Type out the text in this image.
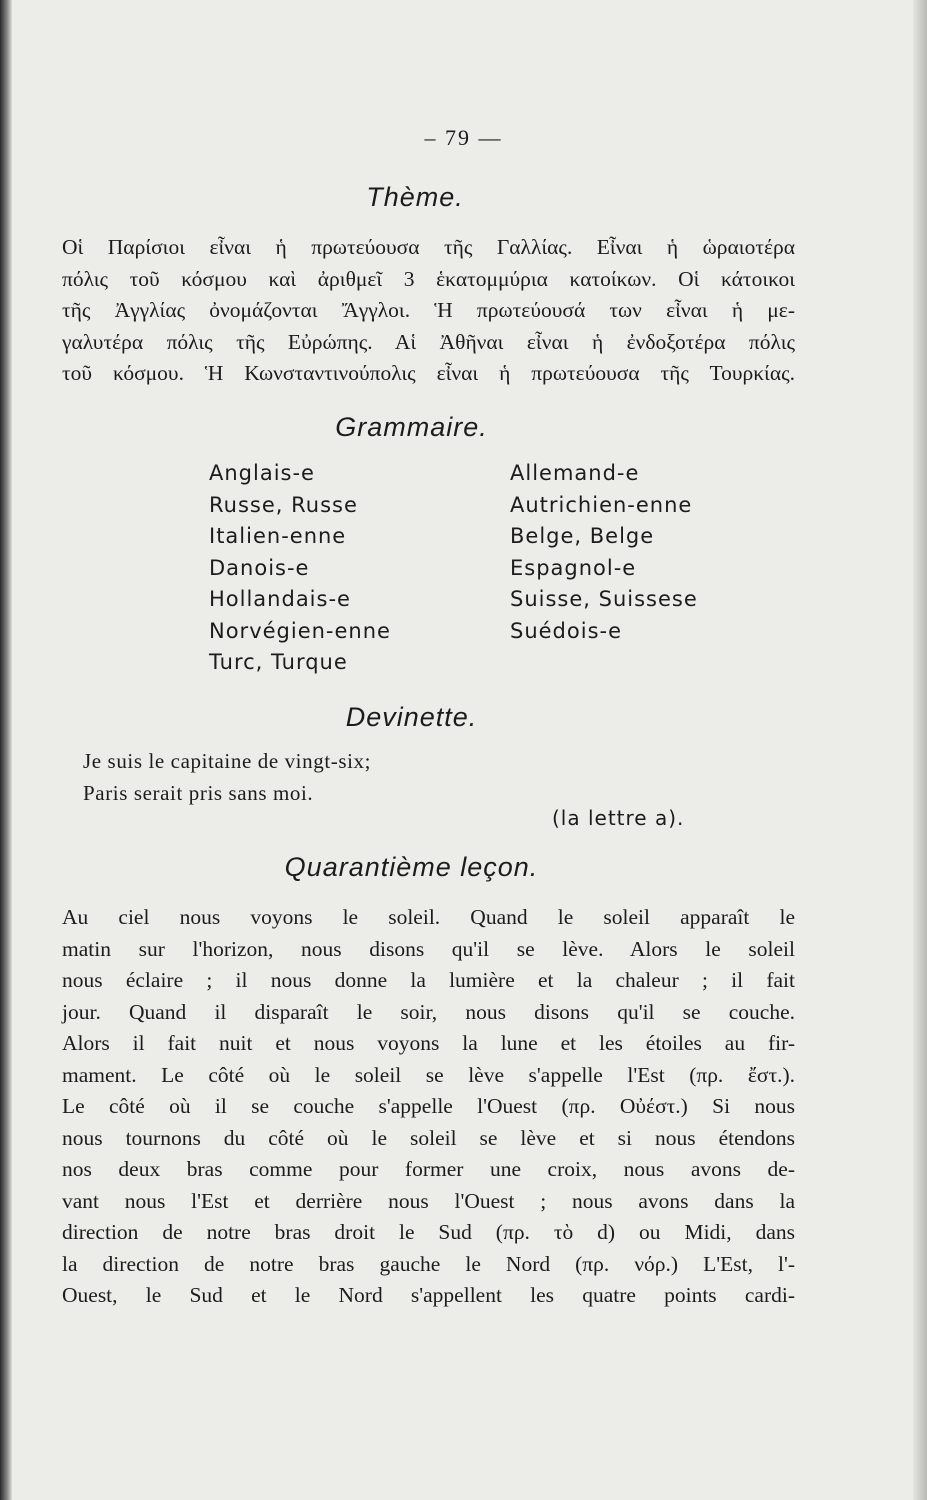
– 79 —
Thème.
Οἱ Παρίσιοι εἶναι ἡ πρωτεύουσα τῆς Γαλλίας. Εἶναι ἡ ὡραιοτέρα
πόλις τοῦ κόσμου καὶ ἀριθμεῖ 3 ἑκατομμύρια κατοίκων. Οἱ κάτοικοι
τῆς Ἀγγλίας ὀνομάζονται Ἄγγλοι. Ἡ πρωτεύουσά των εἶναι ἡ με-
γαλυτέρα πόλις τῆς Εὐρώπης. Αἱ Ἀθῆναι εἶναι ἡ ἐνδοξοτέρα πόλις
τοῦ κόσμου. Ἡ Κωνσταντινούπολις εἶναι ἡ πρωτεύουσα τῆς Τουρκίας.
Grammaire.
Anglais-e
Russe, Russe
Italien-enne
Danois-e
Hollandais-e
Norvégien-enne
Turc, Turque
Allemand-e
Autrichien-enne
Belge, Belge
Espagnol-e
Suisse, Suissese
Suédois-e
Devinette.
Je suis le capitaine de vingt-six;
Paris serait pris sans moi.
(la lettre a).
Quarantième leçon.
Au ciel nous voyons le soleil. Quand le soleil apparaît le
matin sur l'horizon, nous disons qu'il se lève. Alors le soleil
nous éclaire ; il nous donne la lumière et la chaleur ; il fait
jour. Quand il disparaît le soir, nous disons qu'il se couche.
Alors il fait nuit et nous voyons la lune et les étoiles au fir-
mament. Le côté où le soleil se lève s'appelle l'Est (πρ. ἔστ.).
Le côté où il se couche s'appelle l'Ouest (πρ. Οὐέστ.) Si nous
nous tournons du côté où le soleil se lève et si nous étendons
nos deux bras comme pour former une croix, nous avons de-
vant nous l'Est et derrière nous l'Ouest ; nous avons dans la
direction de notre bras droit le Sud (πρ. τὸ d) ou Midi, dans
la direction de notre bras gauche le Nord (πρ. νόρ.) L'Est, l'-
Ouest, le Sud et le Nord s'appellent les quatre points cardi-
